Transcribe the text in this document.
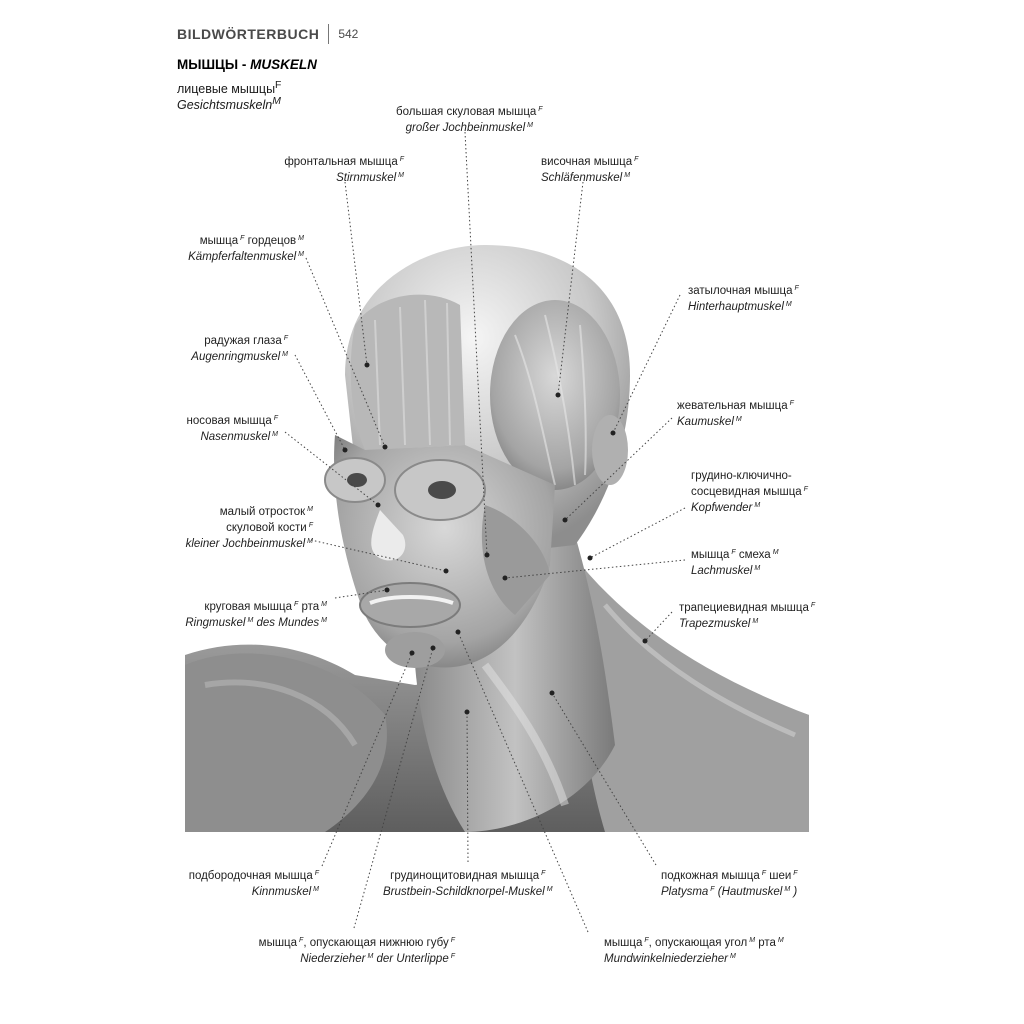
BILDWÖRTERBUCH 542
МЫШЦЫ - MUSKELN
лицевые мышцы$^F$
Gesichtsmuskeln$^M$
большая скуловая мышца $^F$
großer Jochbeinmuskel $^M$
фронтальная мышца $^F$
Stirnmuskel $^M$
височная мышца $^F$
Schläfenmuskel $^M$
мышца $^F$ гордецов $^M$
Kämpferfaltenmuskel $^M$
затылочная мышца $^F$
Hinterhauptmuskel $^M$
радужая глаза $^F$
Augenringmuskel $^M$
жевательная мышца $^F$
Kaumuskel $^M$
носовая мышца $^F$
Nasenmuskel $^M$
грудино-ключично-
сосцевидная мышца $^F$
Kopfwender $^M$
малый отросток $^M$
скуловой кости $^F$
kleiner Jochbeinmuskel $^M$
мышца $^F$ смеха $^M$
Lachmuskel $^M$
круговая мышца $^F$ рта $^M$
Ringmuskel $^M$ des Mundes $^M$
трапециевидная мышца $^F$
Trapezmuskel $^M$
подбородочная мышца $^F$
Kinnmuskel $^M$
грудинощитовидная мышца $^F$
Brustbein-Schildknorpel-Muskel $^M$
подкожная мышца $^F$ шеи $^F$
Platysma $^F$ (Hautmuskel $^M$ )
мышца $^F$, опускающая нижнюю губу $^F$
Niederzieher $^M$ der Unterlippe $^F$
мышца $^F$, опускающая угол $^M$ рта $^M$
Mundwinkelniederzieher $^M$
